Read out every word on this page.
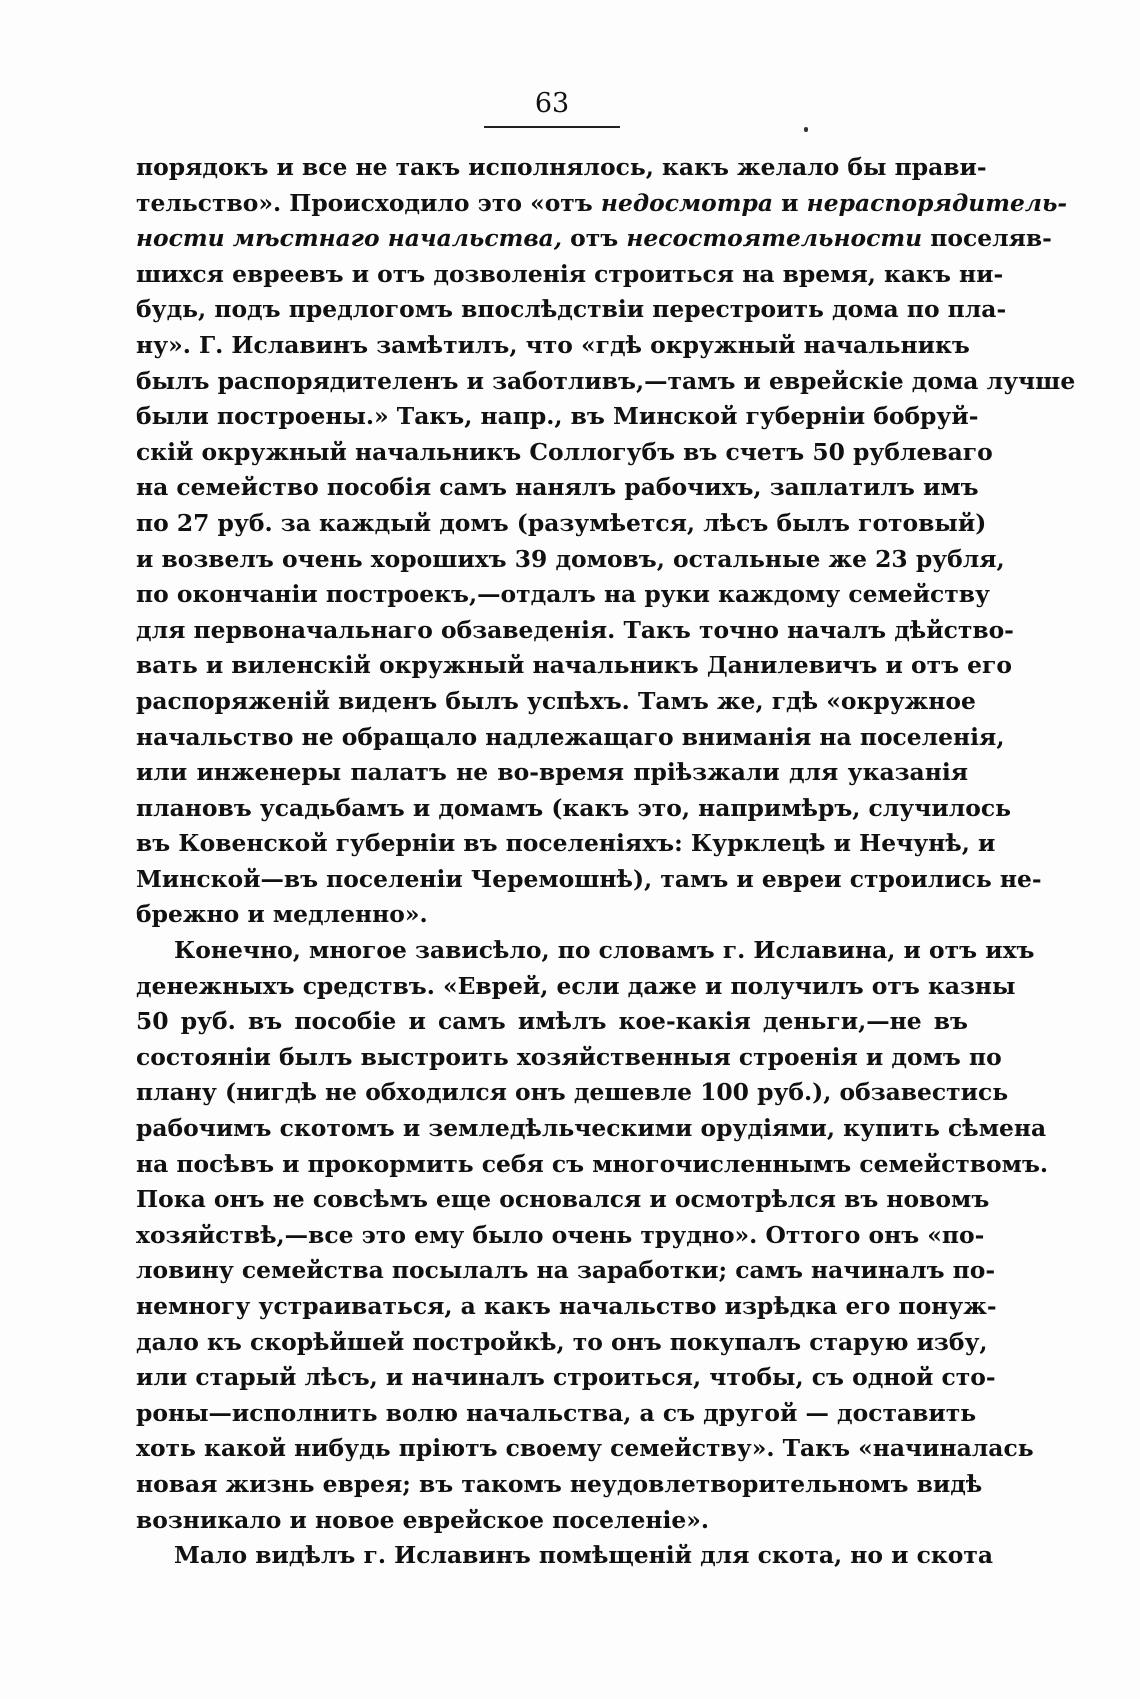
63
порядокъ и все не такъ исполнялось, какъ желало бы прави-
тельство». Происходило это «отъ недосмотра и нераспорядитель-
ности мѣстнаго начальства, отъ несостоятельности поселяв-
шихся евреевъ и отъ дозволенія строиться на время, какъ ни-
будь, подъ предлогомъ впослѣдствіи перестроить дома по пла-
ну». Г. Иславинъ замѣтилъ, что «гдѣ окружный начальникъ
былъ распорядителенъ и заботливъ,—тамъ и еврейскіе дома лучше
были построены.» Такъ, напр., въ Минской губерніи бобруй-
скій окружный начальникъ Соллогубъ въ счетъ 50 рублеваго
на семейство пособія самъ нанялъ рабочихъ, заплатилъ имъ
по 27 руб. за каждый домъ (разумѣется, лѣсъ былъ готовый)
и возвелъ очень хорошихъ 39 домовъ, остальные же 23 рубля,
по окончаніи построекъ,—отдалъ на руки каждому семейству
для первоначальнаго обзаведенія. Такъ точно началъ дѣйство-
вать и виленскій окружный начальникъ Данилевичъ и отъ его
распоряженій виденъ былъ успѣхъ. Тамъ же, гдѣ «окружное
начальство не обращало надлежащаго вниманія на поселенія,
или инженеры палатъ не во-время пріѣзжали для указанія
плановъ усадьбамъ и домамъ (какъ это, напримѣръ, случилось
въ Ковенской губерніи въ поселеніяхъ: Курклецѣ и Нечунѣ, и
Минской—въ поселеніи Черемошнѣ), тамъ и евреи строились не-
брежно и медленно».
Конечно, многое зависѣло, по словамъ г. Иславина, и отъ ихъ
денежныхъ средствъ. «Еврей, если даже и получилъ отъ казны
50 руб. въ пособіе и самъ имѣлъ кое-какія деньги,—не въ
состояніи былъ выстроить хозяйственныя строенія и домъ по
плану (нигдѣ не обходился онъ дешевле 100 руб.), обзавестись
рабочимъ скотомъ и земледѣльческими орудіями, купить сѣмена
на посѣвъ и прокормить себя съ многочисленнымъ семействомъ.
Пока онъ не совсѣмъ еще основался и осмотрѣлся въ новомъ
хозяйствѣ,—все это ему было очень трудно». Оттого онъ «по-
ловину семейства посылалъ на заработки; самъ начиналъ по-
немногу устраиваться, а какъ начальство изрѣдка его понуж-
дало къ скорѣйшей постройкѣ, то онъ покупалъ старую избу,
или старый лѣсъ, и начиналъ строиться, чтобы, съ одной сто-
роны—исполнить волю начальства, а съ другой — доставить
хоть какой нибудь пріютъ своему семейству». Такъ «начиналась
новая жизнь еврея; въ такомъ неудовлетворительномъ видѣ
возникало и новое еврейское поселеніе».
Мало видѣлъ г. Иславинъ помѣщеній для скота, но и скота
